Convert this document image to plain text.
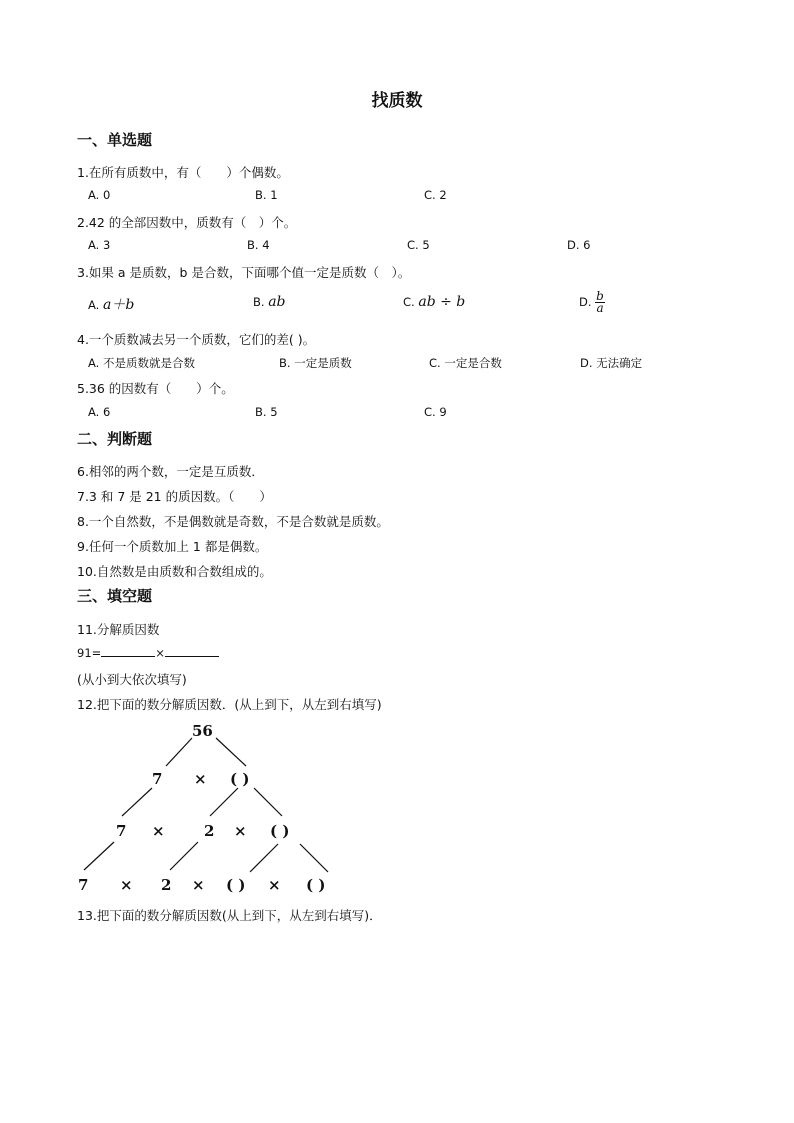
找质数
一、单选题
1.在所有质数中，有（　　）个偶数。
A. 0	B. 1	C. 2
2.42 的全部因数中，质数有（　）个。
A. 3	B. 4	C. 5	D. 6
3.如果 a 是质数，b 是合数，下面哪个值一定是质数（　）。
A. a＋b	B. ab	C. ab ÷ b	D. $\frac{b}{a}$
4.一个质数减去另一个质数，它们的差( )。
A. 不是质数就是合数	B. 一定是质数	C. 一定是合数	D. 无法确定
5.36 的因数有（　　）个。
A. 6	B. 5	C. 9
二、判断题
6.相邻的两个数，一定是互质数．
7.3 和 7 是 21 的质因数。（　　）
8.一个自然数，不是偶数就是奇数，不是合数就是质数。
9.任何一个质数加上 1 都是偶数。
10.自然数是由质数和合数组成的。
三、填空题
11.分解质因数
91=	×
(从小到大依次填写)
12.把下面的数分解质因数．(从上到下，从左到右填写)
56
7 × ( )
7 ×	2 × ( )
7 × 2 × ( ) × ( )
13.把下面的数分解质因数(从上到下，从左到右填写)．
